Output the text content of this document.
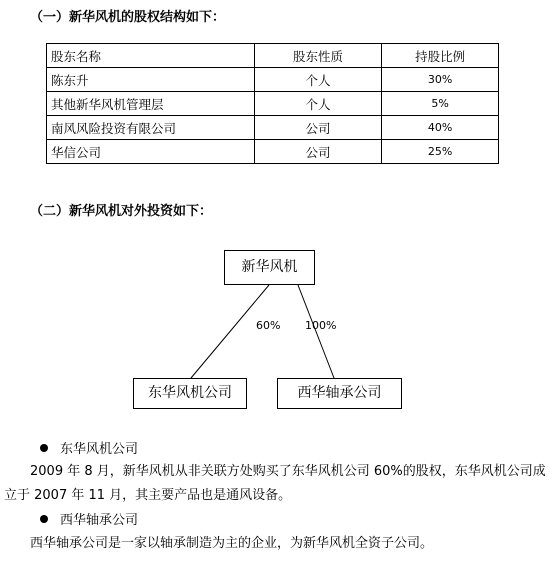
（一）新华风机的股权结构如下：
股东名称	股东性质	持股比例
陈东升	个人	30%
其他新华风机管理层	个人	5%
南风风险投资有限公司	公司	40%
华信公司	公司	25%
（二）新华风机对外投资如下：
新华风机
东华风机公司	西华轴承公司
60% 100%
东华风机公司
2009 年 8 月，新华风机从非关联方处购买了东华风机公司 60%的股权，东华风机公司成
立于 2007 年 11 月，其主要产品也是通风设备。
西华轴承公司
西华轴承公司是一家以轴承制造为主的企业，为新华风机全资子公司。
